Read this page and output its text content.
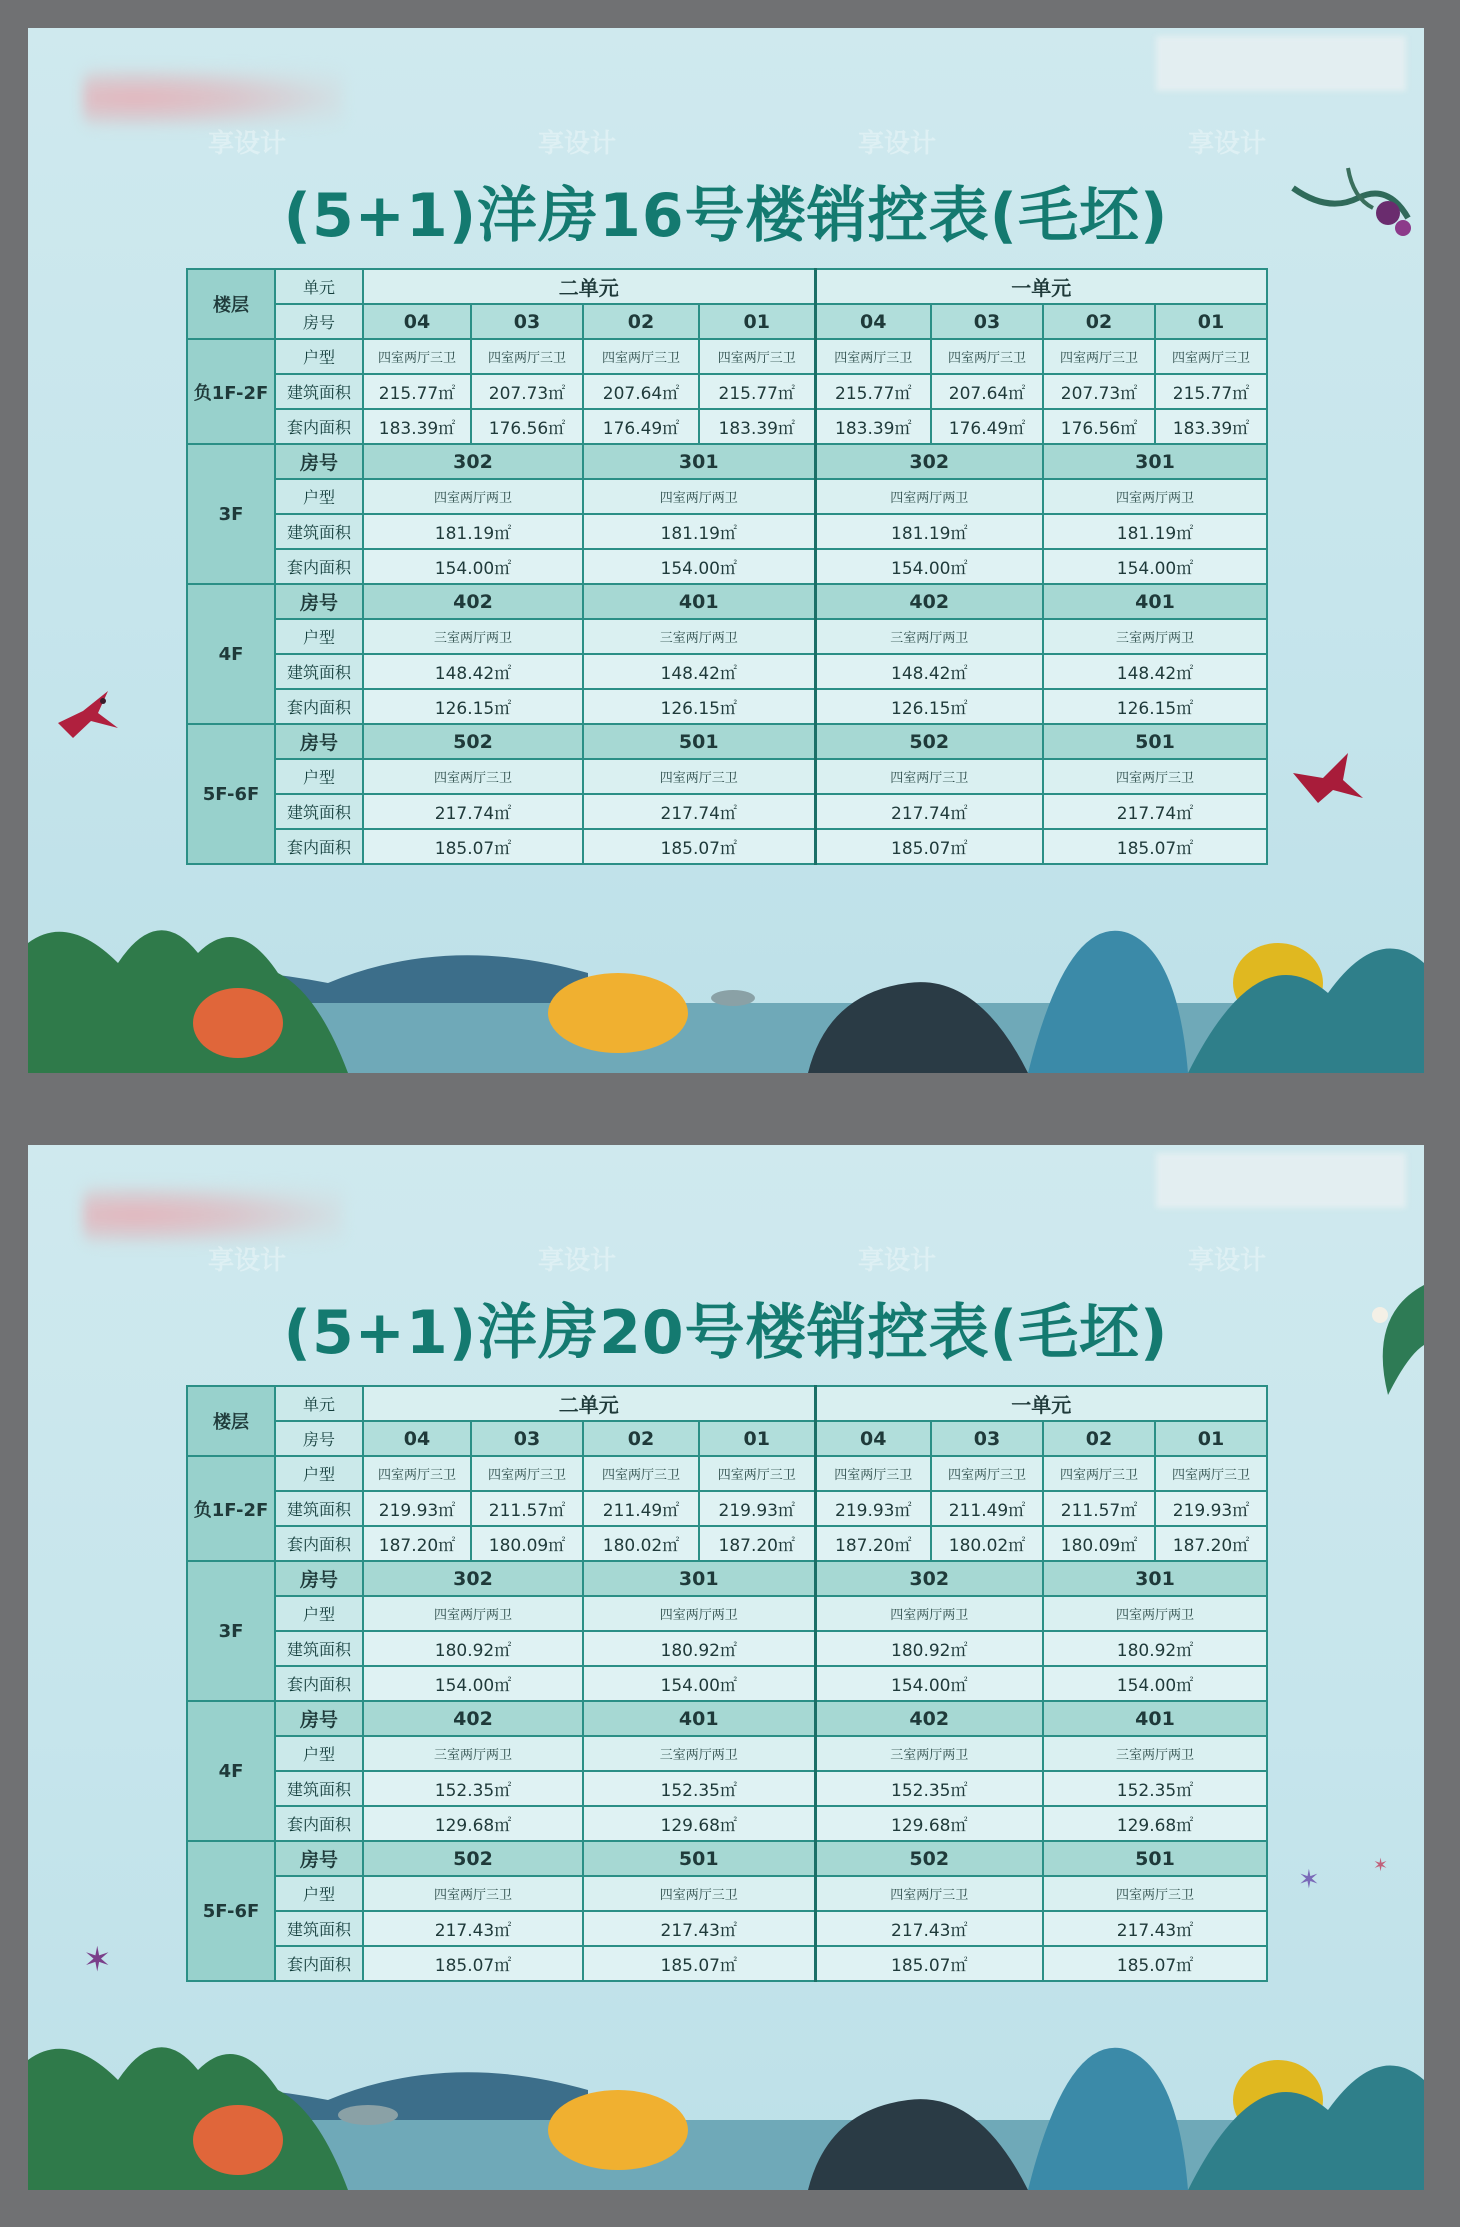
享设计	享设计	享设计	享设计
(5+1)洋房16号楼销控表(毛坯)
楼层	单元	二单元				一单元			
	房号	04	03	02	01	04	03	02	01
负1F-2F	户型	四室两厅三卫	四室两厅三卫	四室两厅三卫	四室两厅三卫	四室两厅三卫	四室两厅三卫	四室两厅三卫	四室两厅三卫
	建筑面积	215.77㎡	207.73㎡	207.64㎡	215.77㎡	215.77㎡	207.64㎡	207.73㎡	215.77㎡
	套内面积	183.39㎡	176.56㎡	176.49㎡	183.39㎡	183.39㎡	176.49㎡	176.56㎡	183.39㎡
3F	房号	302		301		302		301	
	户型	四室两厅两卫		四室两厅两卫		四室两厅两卫		四室两厅两卫	
	建筑面积	181.19㎡		181.19㎡		181.19㎡		181.19㎡	
	套内面积	154.00㎡		154.00㎡		154.00㎡		154.00㎡	
4F	房号	402		401		402		401	
	户型	三室两厅两卫		三室两厅两卫		三室两厅两卫		三室两厅两卫	
	建筑面积	148.42㎡		148.42㎡		148.42㎡		148.42㎡	
	套内面积	126.15㎡		126.15㎡		126.15㎡		126.15㎡	
5F-6F	房号	502		501		502		501	
	户型	四室两厅三卫		四室两厅三卫		四室两厅三卫		四室两厅三卫	
	建筑面积	217.74㎡		217.74㎡		217.74㎡		217.74㎡	
	套内面积	185.07㎡		185.07㎡		185.07㎡		185.07㎡	
享设计	享设计	享设计	享设计
(5+1)洋房20号楼销控表(毛坯)
楼层	单元	二单元				一单元			
	房号	04	03	02	01	04	03	02	01
负1F-2F	户型	四室两厅三卫	四室两厅三卫	四室两厅三卫	四室两厅三卫	四室两厅三卫	四室两厅三卫	四室两厅三卫	四室两厅三卫
	建筑面积	219.93㎡	211.57㎡	211.49㎡	219.93㎡	219.93㎡	211.49㎡	211.57㎡	219.93㎡
	套内面积	187.20㎡	180.09㎡	180.02㎡	187.20㎡	187.20㎡	180.02㎡	180.09㎡	187.20㎡
3F	房号	302		301		302		301	
	户型	四室两厅两卫		四室两厅两卫		四室两厅两卫		四室两厅两卫	
	建筑面积	180.92㎡		180.92㎡		180.92㎡		180.92㎡	
	套内面积	154.00㎡		154.00㎡		154.00㎡		154.00㎡	
4F	房号	402		401		402		401	
	户型	三室两厅两卫		三室两厅两卫		三室两厅两卫		三室两厅两卫	
	建筑面积	152.35㎡		152.35㎡		152.35㎡		152.35㎡	
	套内面积	129.68㎡		129.68㎡		129.68㎡		129.68㎡	
5F-6F	房号	502		501		502		501	
	户型	四室两厅三卫		四室两厅三卫		四室两厅三卫		四室两厅三卫	
	建筑面积	217.43㎡		217.43㎡		217.43㎡		217.43㎡	
	套内面积	185.07㎡		185.07㎡		185.07㎡		185.07㎡	
✶	✶
✶
